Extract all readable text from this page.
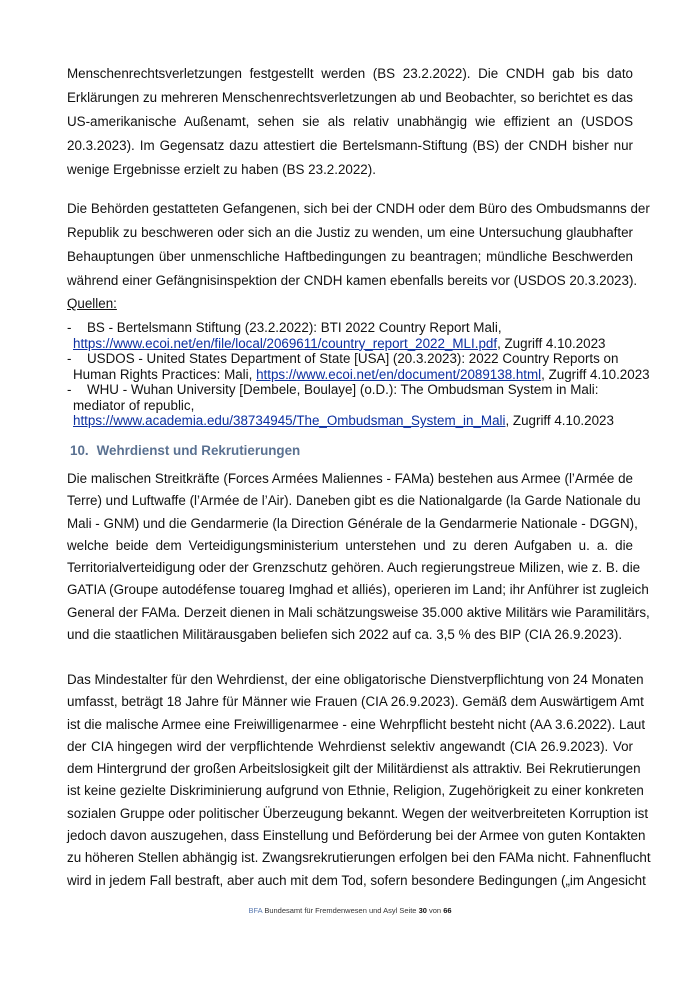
Menschenrechtsverletzungen festgestellt werden (BS 23.2.2022). Die CNDH gab bis dato
Erklärungen zu mehreren Menschenrechtsverletzungen ab und Beobachter, so berichtet es das
US-amerikanische Außenamt, sehen sie als relativ unabhängig wie effizient an (USDOS
20.3.2023). Im Gegensatz dazu attestiert die Bertelsmann-Stiftung (BS) der CNDH bisher nur
wenige Ergebnisse erzielt zu haben (BS 23.2.2022).
Die Behörden gestatteten Gefangenen, sich bei der CNDH oder dem Büro des Ombudsmanns der
Republik zu beschweren oder sich an die Justiz zu wenden, um eine Untersuchung glaubhafter
Behauptungen über unmenschliche Haftbedingungen zu beantragen; mündliche Beschwerden
während einer Gefängnisinspektion der CNDH kamen ebenfalls bereits vor (USDOS 20.3.2023).
Quellen:
-	BS - Bertelsmann Stiftung (23.2.2022): BTI 2022 Country Report Mali,
https://www.ecoi.net/en/file/local/2069611/country_report_2022_MLI.pdf, Zugriff 4.10.2023
-	USDOS - United States Department of State [USA] (20.3.2023): 2022 Country Reports on
Human Rights Practices: Mali, https://www.ecoi.net/en/document/2089138.html, Zugriff 4.10.2023
-	WHU - Wuhan University [Dembele, Boulaye] (o.D.): The Ombudsman System in Mali:
mediator of republic,
https://www.academia.edu/38734945/The_Ombudsman_System_in_Mali, Zugriff 4.10.2023
10. Wehrdienst und Rekrutierungen
Die malischen Streitkräfte (Forces Armées Maliennes - FAMa) bestehen aus Armee (l’Armée de
Terre) und Luftwaffe (l’Armée de l’Air). Daneben gibt es die Nationalgarde (la Garde Nationale du
Mali - GNM) und die Gendarmerie (la Direction Générale de la Gendarmerie Nationale - DGGN),
welche beide dem Verteidigungsministerium unterstehen und zu deren Aufgaben u. a. die
Territorialverteidigung oder der Grenzschutz gehören. Auch regierungstreue Milizen, wie z. B. die
GATIA (Groupe autodéfense touareg Imghad et alliés), operieren im Land; ihr Anführer ist zugleich
General der FAMa. Derzeit dienen in Mali schätzungsweise 35.000 aktive Militärs wie Paramilitärs,
und die staatlichen Militärausgaben beliefen sich 2022 auf ca. 3,5 % des BIP (CIA 26.9.2023).
Das Mindestalter für den Wehrdienst, der eine obligatorische Dienstverpflichtung von 24 Monaten
umfasst, beträgt 18 Jahre für Männer wie Frauen (CIA 26.9.2023). Gemäß dem Auswärtigem Amt
ist die malische Armee eine Freiwilligenarmee - eine Wehrpflicht besteht nicht (AA 3.6.2022). Laut
der CIA hingegen wird der verpflichtende Wehrdienst selektiv angewandt (CIA 26.9.2023). Vor
dem Hintergrund der großen Arbeitslosigkeit gilt der Militärdienst als attraktiv. Bei Rekrutierungen
ist keine gezielte Diskriminierung aufgrund von Ethnie, Religion, Zugehörigkeit zu einer konkreten
sozialen Gruppe oder politischer Überzeugung bekannt. Wegen der weitverbreiteten Korruption ist
jedoch davon auszugehen, dass Einstellung und Beförderung bei der Armee von guten Kontakten
zu höheren Stellen abhängig ist. Zwangsrekrutierungen erfolgen bei den FAMa nicht. Fahnenflucht
wird in jedem Fall bestraft, aber auch mit dem Tod, sofern besondere Bedingungen („im Angesicht
BFA Bundesamt für Fremdenwesen und Asyl Seite 30 von 66
